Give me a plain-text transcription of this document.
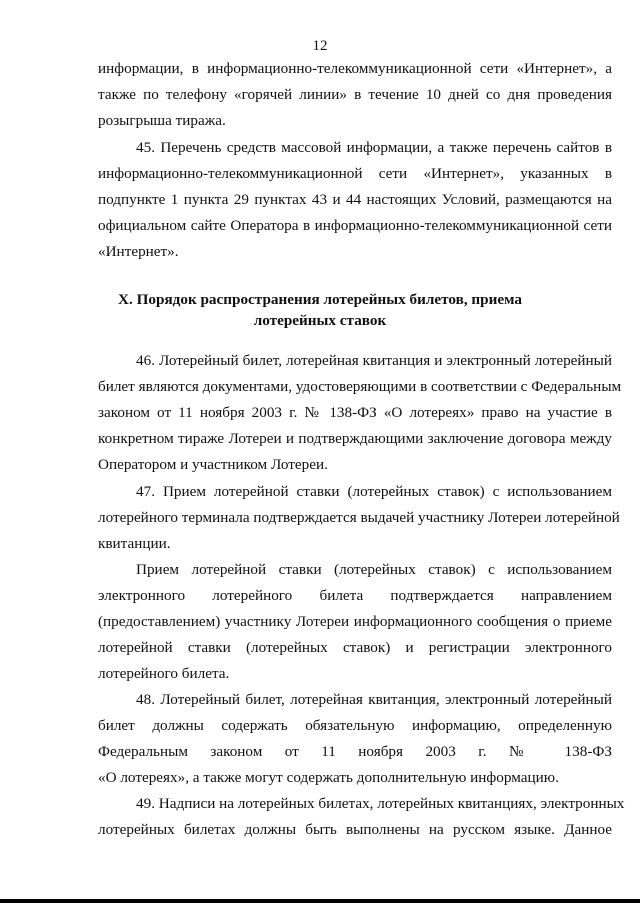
12
информации, в информационно-телекоммуникационной сети «Интернет», а
также по телефону «горячей линии» в течение 10 дней со дня проведения
розыгрыша тиража.
45. Перечень средств массовой информации, а также перечень сайтов в
информационно-телекоммуникационной сети «Интернет», указанных в
подпункте 1 пункта 29 пунктах 43 и 44 настоящих Условий, размещаются на
официальном сайте Оператора в информационно-телекоммуникационной сети
«Интернет».
X. Порядок распространения лотерейных билетов, приема
лотерейных ставок
46. Лотерейный билет, лотерейная квитанция и электронный лотерейный
билет являются документами, удостоверяющими в соответствии с Федеральным
законом от 11 ноября 2003 г. № 138-ФЗ «О лотереях» право на участие в
конкретном тираже Лотереи и подтверждающими заключение договора между
Оператором и участником Лотереи.
47. Прием лотерейной ставки (лотерейных ставок) с использованием
лотерейного терминала подтверждается выдачей участнику Лотереи лотерейной
квитанции.
Прием лотерейной ставки (лотерейных ставок) с использованием
электронного лотерейного билета подтверждается направлением
(предоставлением) участнику Лотереи информационного сообщения о приеме
лотерейной ставки (лотерейных ставок) и регистрации электронного
лотерейного билета.
48. Лотерейный билет, лотерейная квитанция, электронный лотерейный
билет должны содержать обязательную информацию, определенную
Федеральным законом от 11 ноября 2003 г. № 138-ФЗ
«О лотереях», а также могут содержать дополнительную информацию.
49. Надписи на лотерейных билетах, лотерейных квитанциях, электронных
лотерейных билетах должны быть выполнены на русском языке. Данное
